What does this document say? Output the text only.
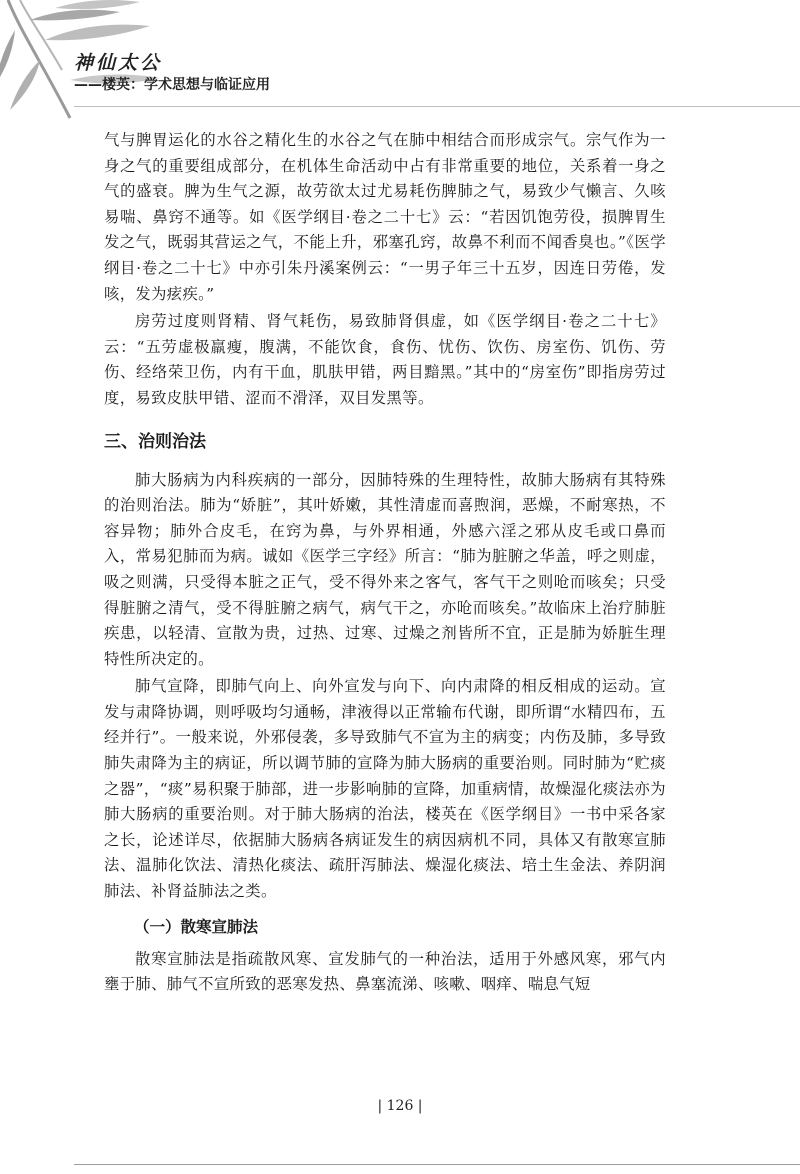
神仙太公
——楼英：学术思想与临证应用

气与脾胃运化的水谷之精化生的水谷之气在肺中相结合而形成宗气。宗气作为一身之气的重要组成部分，在机体生命活动中占有非常重要的地位，关系着一身之气的盛衰。脾为生气之源，故劳欲太过尤易耗伤脾肺之气，易致少气懒言、久咳易喘、鼻窍不通等。如《医学纲目·卷之二十七》云：“若因饥饱劳役，损脾胃生发之气，既弱其营运之气，不能上升，邪塞孔窍，故鼻不利而不闻香臭也。”《医学纲目·卷之二十七》中亦引朱丹溪案例云：“一男子年三十五岁，因连日劳倦，发咳，发为痃疾。”

房劳过度则肾精、肾气耗伤，易致肺肾俱虚，如《医学纲目·卷之二十七》云：“五劳虚极羸瘦，腹满，不能饮食，食伤、忧伤、饮伤、房室伤、饥伤、劳伤、经络荣卫伤，内有干血，肌肤甲错，两目黯黑。”其中的“房室伤”即指房劳过度，易致皮肤甲错、涩而不滑泽，双目发黑等。

三、治则治法

肺大肠病为内科疾病的一部分，因肺特殊的生理特性，故肺大肠病有其特殊的治则治法。肺为“娇脏”，其叶娇嫩，其性清虚而喜煦润，恶燥，不耐寒热，不容异物；肺外合皮毛，在窍为鼻，与外界相通，外感六淫之邪从皮毛或口鼻而入，常易犯肺而为病。诚如《医学三字经》所言：“肺为脏腑之华盖，呼之则虚，吸之则满，只受得本脏之正气，受不得外来之客气，客气干之则呛而咳矣；只受得脏腑之清气，受不得脏腑之病气，病气干之，亦呛而咳矣。”故临床上治疗肺脏疾患，以轻清、宣散为贵，过热、过寒、过燥之剂皆所不宜，正是肺为娇脏生理特性所决定的。

肺气宣降，即肺气向上、向外宣发与向下、向内肃降的相反相成的运动。宣发与肃降协调，则呼吸均匀通畅，津液得以正常输布代谢，即所谓“水精四布，五经并行”。一般来说，外邪侵袭，多导致肺气不宣为主的病变；内伤及肺，多导致肺失肃降为主的病证，所以调节肺的宣降为肺大肠病的重要治则。同时肺为“贮痰之器”，“痰”易积聚于肺部，进一步影响肺的宣降，加重病情，故燥湿化痰法亦为肺大肠病的重要治则。对于肺大肠病的治法，楼英在《医学纲目》一书中采各家之长，论述详尽，依据肺大肠病各病证发生的病因病机不同，具体又有散寒宣肺法、温肺化饮法、清热化痰法、疏肝泻肺法、燥湿化痰法、培土生金法、养阴润肺法、补肾益肺法之类。

（一）散寒宣肺法

散寒宣肺法是指疏散风寒、宣发肺气的一种治法，适用于外感风寒，邪气内壅于肺、肺气不宣所致的恶寒发热、鼻塞流涕、咳嗽、咽痒、喘息气短

| 126 |
